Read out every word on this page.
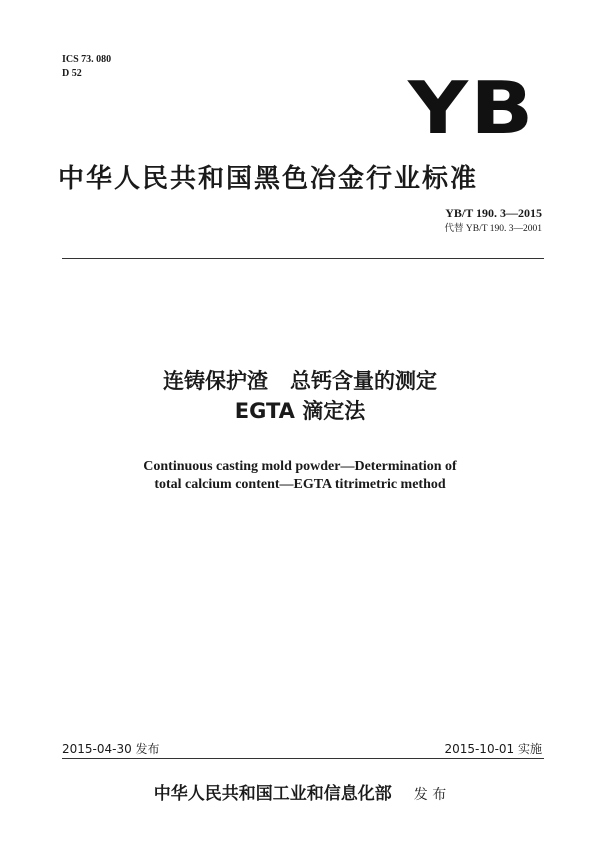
ICS 73. 080
D 52	YB
中华人民共和国黑色冶金行业标准
YB/T 190. 3—2015
代替 YB/T 190. 3—2001
连铸保护渣   总钙含量的测定
EGTA 滴定法
Continuous casting mold powder—Determination of
total calcium content—EGTA titrimetric method
2015-04-30 发布	2015-10-01 实施
中华人民共和国工业和信息化部 发 布
